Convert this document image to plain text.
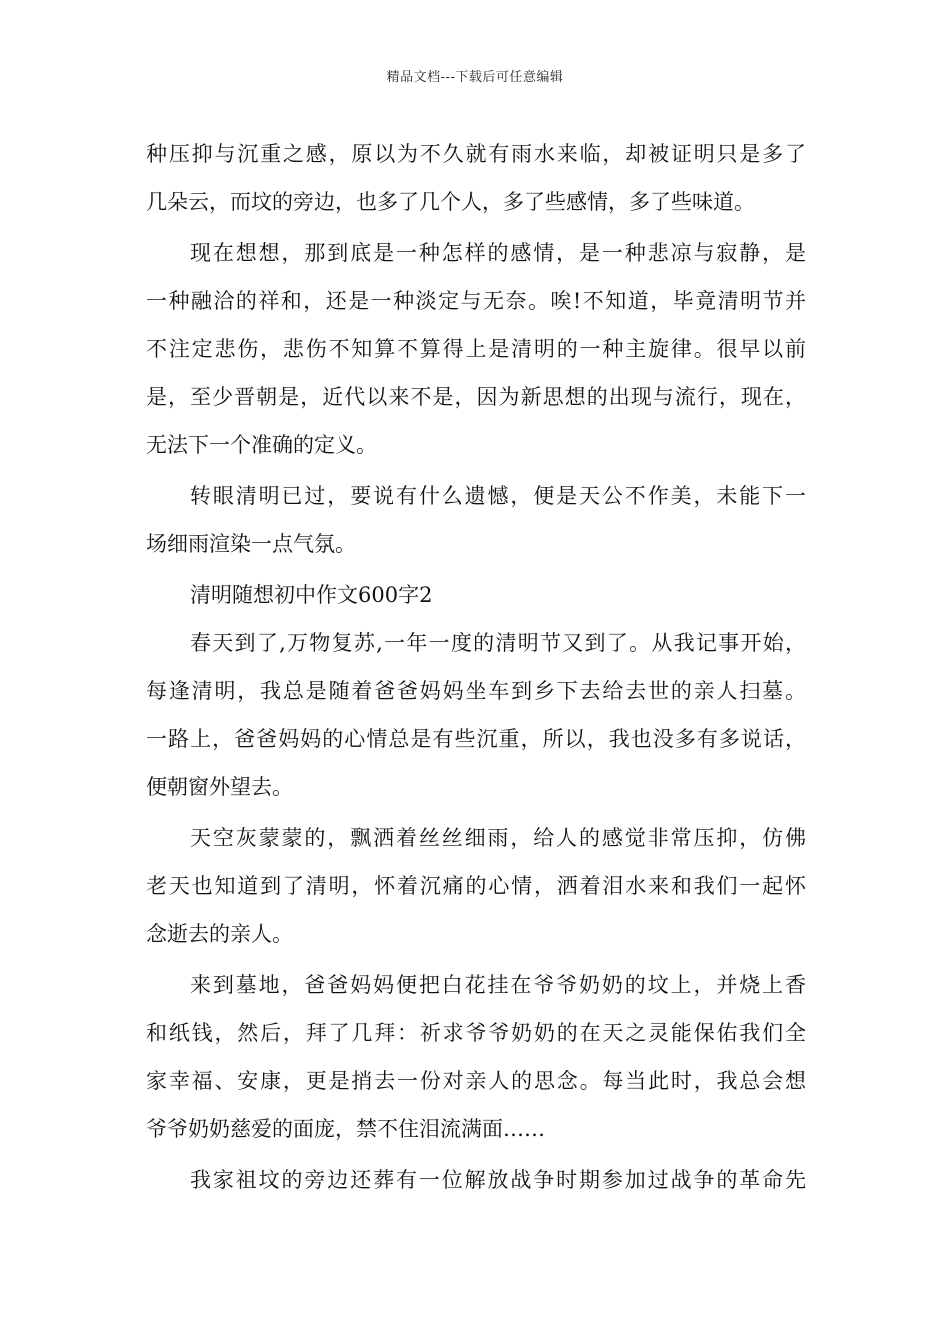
精品文档---下载后可任意编辑
种压抑与沉重之感，原以为不久就有雨水来临，却被证明只是多了
几朵云，而坟的旁边，也多了几个人，多了些感情，多了些味道。
现在想想，那到底是一种怎样的感情，是一种悲凉与寂静，是
一种融洽的祥和，还是一种淡定与无奈。唉!不知道，毕竟清明节并
不注定悲伤，悲伤不知算不算得上是清明的一种主旋律。很早以前
是，至少晋朝是，近代以来不是，因为新思想的出现与流行，现在，
无法下一个准确的定义。
转眼清明已过，要说有什么遗憾，便是天公不作美，未能下一
场细雨渲染一点气氛。
清明随想初中作文600字2
春天到了,万物复苏,一年一度的清明节又到了。从我记事开始，
每逢清明，我总是随着爸爸妈妈坐车到乡下去给去世的亲人扫墓。
一路上，爸爸妈妈的心情总是有些沉重，所以，我也没多有多说话，
便朝窗外望去。
天空灰蒙蒙的，飘洒着丝丝细雨，给人的感觉非常压抑，仿佛
老天也知道到了清明，怀着沉痛的心情，洒着泪水来和我们一起怀
念逝去的亲人。
来到墓地，爸爸妈妈便把白花挂在爷爷奶奶的坟上，并烧上香
和纸钱，然后，拜了几拜：祈求爷爷奶奶的在天之灵能保佑我们全
家幸福、安康，更是捎去一份对亲人的思念。每当此时，我总会想
爷爷奶奶慈爱的面庞，禁不住泪流满面……
我家祖坟的旁边还葬有一位解放战争时期参加过战争的革命先
